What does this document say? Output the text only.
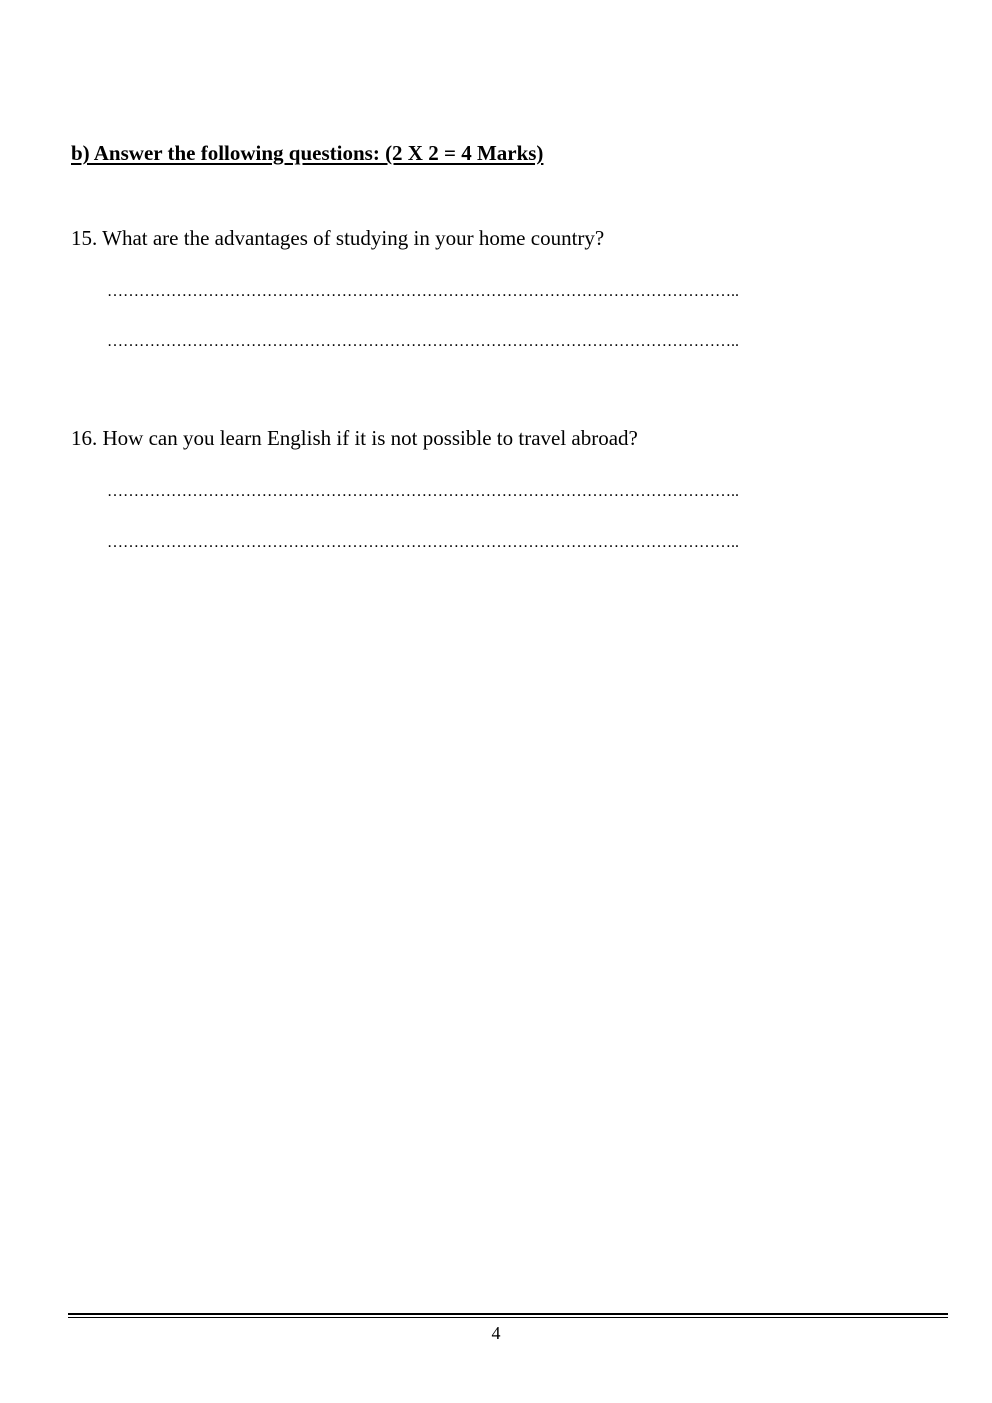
b) Answer the following questions: (2 X 2 = 4 Marks)
15. What are the advantages of studying in your home country?
………………………………………………………………………………………………………..
………………………………………………………………………………………………………..
16. How can you learn English if it is not possible to travel abroad?
………………………………………………………………………………………………………..
………………………………………………………………………………………………………..
4
